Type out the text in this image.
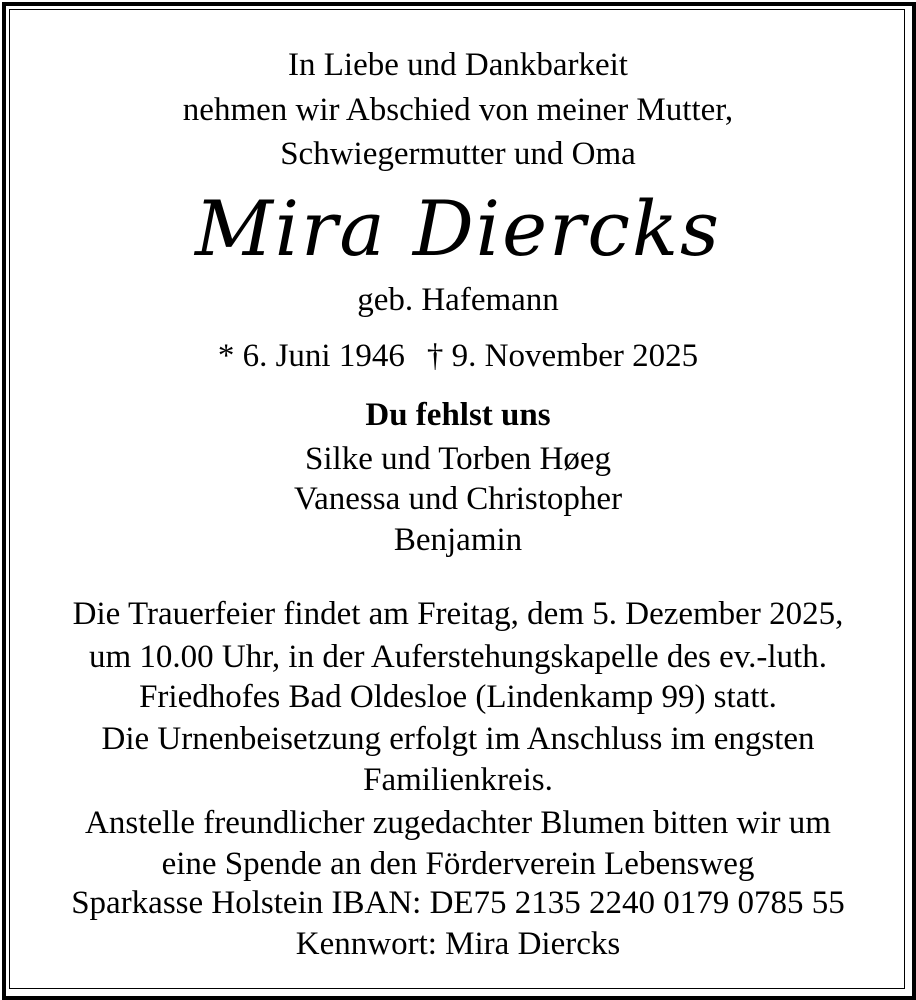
In Liebe und Dankbarkeit
nehmen wir Abschied von meiner Mutter,
Schwiegermutter und Oma
Mira Diercks
geb. Hafemann
* 6. Juni 1946 † 9. November 2025
Du fehlst uns
Silke und Torben Høeg
Vanessa und Christopher
Benjamin
Die Trauerfeier findet am Freitag, dem 5. Dezember 2025,
um 10.00 Uhr, in der Auferstehungskapelle des ev.-luth.
Friedhofes Bad Oldesloe (Lindenkamp 99) statt.
Die Urnenbeisetzung erfolgt im Anschluss im engsten
Familienkreis.
Anstelle freundlicher zugedachter Blumen bitten wir um
eine Spende an den Förderverein Lebensweg
Sparkasse Holstein IBAN: DE75 2135 2240 0179 0785 55
Kennwort: Mira Diercks
